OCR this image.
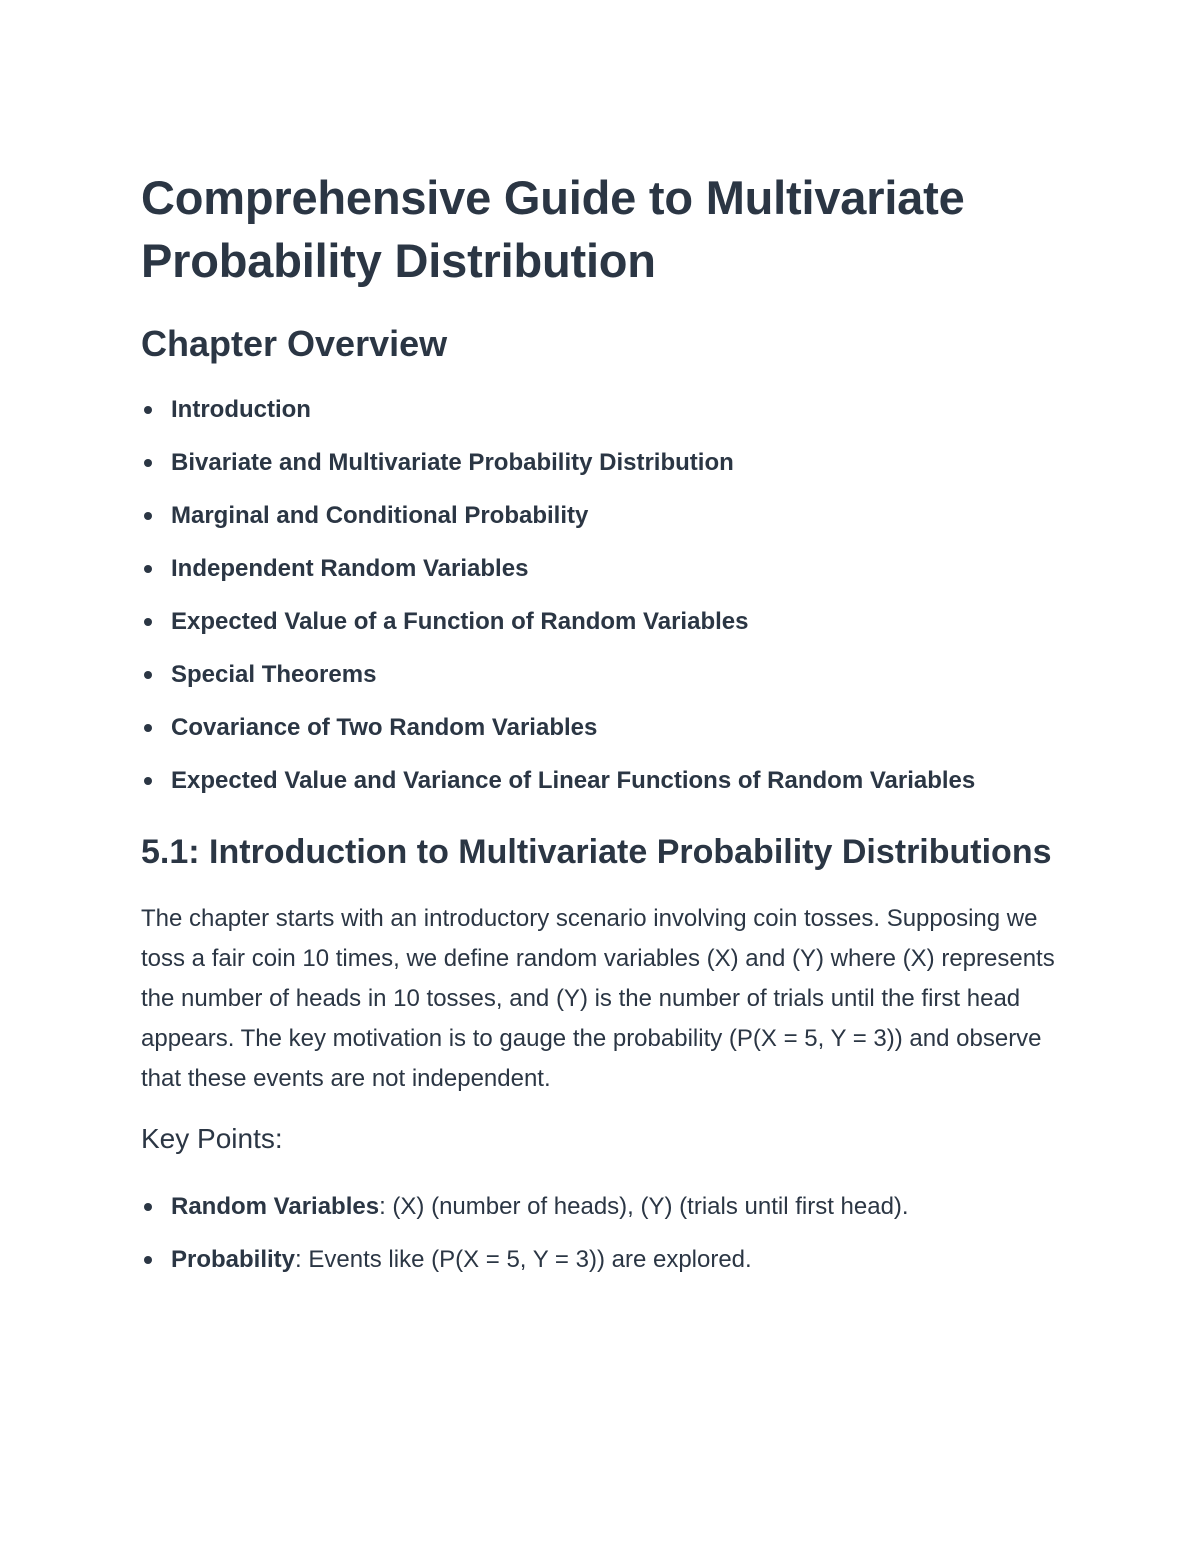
Comprehensive Guide to Multivariate Probability Distribution
Chapter Overview
Introduction
Bivariate and Multivariate Probability Distribution
Marginal and Conditional Probability
Independent Random Variables
Expected Value of a Function of Random Variables
Special Theorems
Covariance of Two Random Variables
Expected Value and Variance of Linear Functions of Random Variables
5.1: Introduction to Multivariate Probability Distributions

The chapter starts with an introductory scenario involving coin tosses. Supposing we toss a fair coin 10 times, we define random variables (X) and (Y) where (X) represents the number of heads in 10 tosses, and (Y) is the number of trials until the first head appears. The key motivation is to gauge the probability (P(X = 5, Y = 3)) and observe that these events are not independent.

Key Points:
Random Variables: (X) (number of heads), (Y) (trials until first head).
Probability: Events like (P(X = 5, Y = 3)) are explored.
